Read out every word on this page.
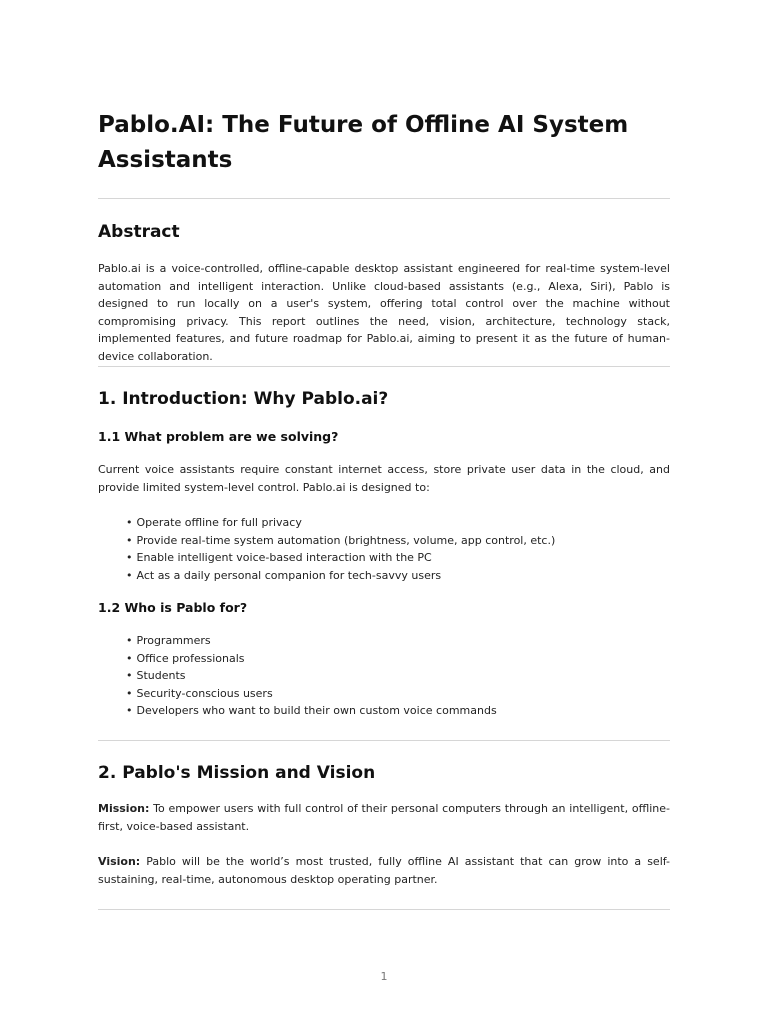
Pablo.AI: The Future of Offline AI System Assistants
Abstract

Pablo.ai is a voice-controlled, offline-capable desktop assistant engineered for real-time system-level automation and intelligent interaction. Unlike cloud-based assistants (e.g., Alexa, Siri), Pablo is designed to run locally on a user's system, offering total control over the machine without compromising privacy. This report outlines the need, vision, architecture, technology stack, implemented features, and future roadmap for Pablo.ai, aiming to present it as the future of human-device collaboration.

1. Introduction: Why Pablo.ai?
1.1 What problem are we solving?

Current voice assistants require constant internet access, store private user data in the cloud, and provide limited system-level control. Pablo.ai is designed to:

• Operate offline for full privacy
• Provide real-time system automation (brightness, volume, app control, etc.)
• Enable intelligent voice-based interaction with the PC
• Act as a daily personal companion for tech-savvy users
1.2 Who is Pablo for?
• Programmers
• Office professionals
• Students
• Security-conscious users
• Developers who want to build their own custom voice commands
2. Pablo's Mission and Vision

Mission: To empower users with full control of their personal computers through an intelligent, offline-first, voice-based assistant.

Vision: Pablo will be the world’s most trusted, fully offline AI assistant that can grow into a self-sustaining, real-time, autonomous desktop operating partner.

1
